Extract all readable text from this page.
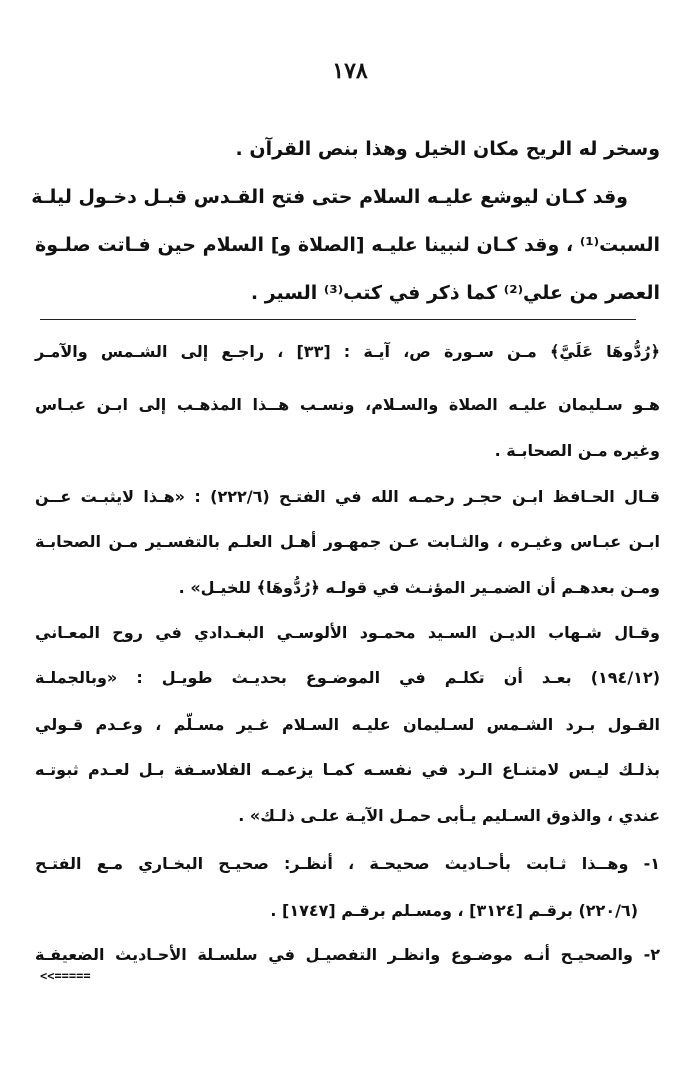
١٧٨
وسخر له الريح مكان الخيل وهذا بنص القرآن .
وقد كـان ليوشع عليـه السلام حتى فتح القـدس قبـل دخـول ليلـة
السبت⁽¹⁾ ، وقد كـان لنبينا عليـه [الصلاة و] السلام حين فـاتت صلـوة
العصر من علي⁽²⁾ كما ذكر في كتب⁽³⁾ السير .
﴿رُدُّوهَا عَلَيَّ﴾ مـن سـورة ص، آيـة : [٣٣] ، راجـع إلى الشـمس والآمـر
هـو سـليمان عليـه الصلاة والسـلام، ونسـب هــذا المذهـب إلى ابـن عبـاس
وغيره مـن الصحابـة .
قـال الحـافظ ابـن حجـر رحمـه الله في الفتـح (٢٢٢/٦) : «هـذا لايثبـت عــن
ابـن عبـاس وغيـره ، والثـابت عـن جمهـور أهـل العلـم بالتفسـير مـن الصحابـة
ومـن بعدهـم أن الضمـير المؤنـث في قولـه ﴿رُدُّوهَا﴾ للخيـل» .
وقـال شـهاب الديـن السـيد محمـود الألوسـي البغـدادي في روح المعـاني
(١٩٤/١٢) بعـد أن تكلـم في الموضـوع بحديـث طويـل : «وبالجملـة
القـول بـرد الشـمس لسـليمان عليـه السـلام غـير مسـلّم ، وعـدم قـولي
بذلـك ليـس لامتنـاع الـرد في نفسـه كمـا يزعمـه الفلاسـفة بـل لعـدم ثبوتـه
عندي ، والذوق السـليم يـأبى حمـل الآيـة علـى ذلـك» .
١- وهــذا ثـابت بأحـاديث صحيحـة ، أنظـر: صحيـح البخـاري مـع الفتـح
(٢٢٠/٦) برقـم [٣١٢٤] ، ومسـلم برقـم [١٧٤٧] .
٢- والصحيـح أنـه موضـوع وانظـر التفصيـل في سلسـلة الأحـاديث الضعيفـة
<<=====
